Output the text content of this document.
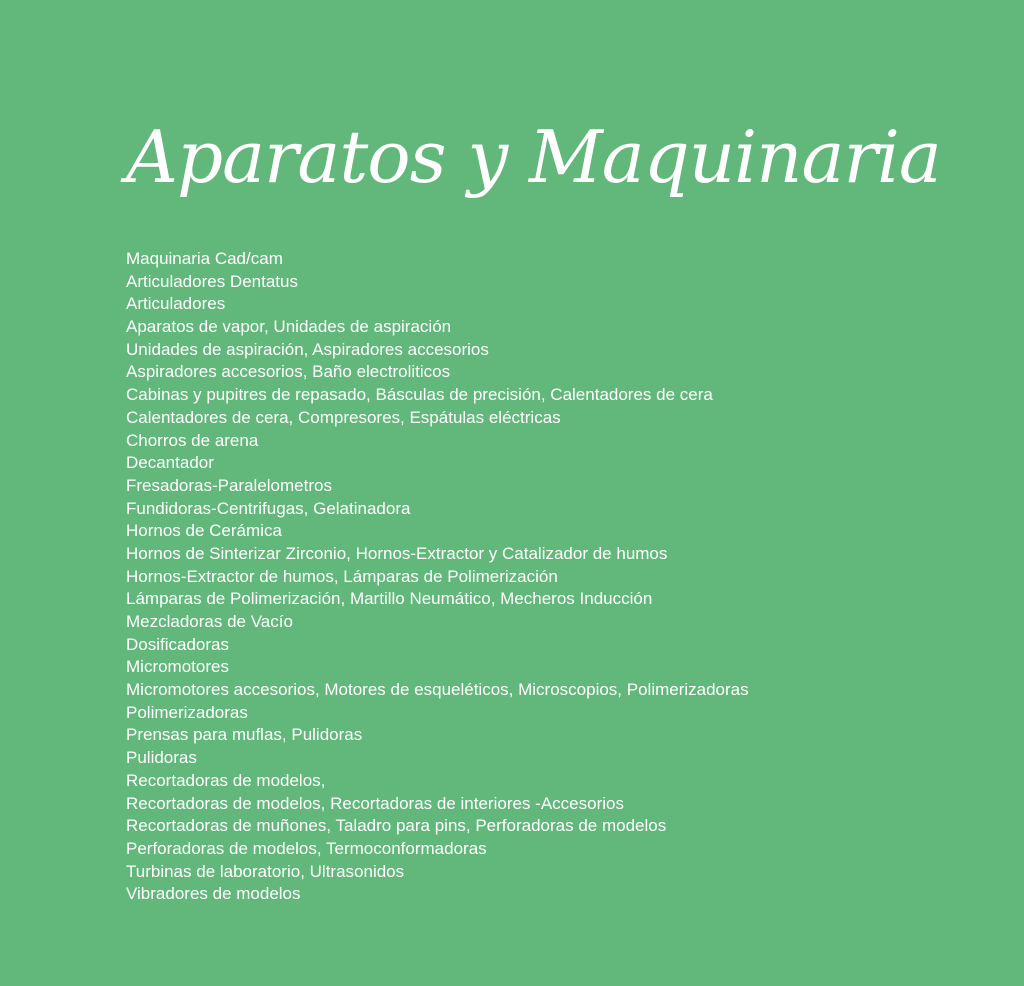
Aparatos y Maquinaria
Maquinaria Cad/cam
Articuladores Dentatus
Articuladores
Aparatos de vapor, Unidades de aspiración
Unidades de aspiración, Aspiradores accesorios
Aspiradores accesorios, Baño electroliticos
Cabinas y pupitres de repasado, Básculas de precisión, Calentadores de cera
Calentadores de cera, Compresores, Espátulas eléctricas
Chorros de arena
Decantador
Fresadoras-Paralelometros
Fundidoras-Centrifugas, Gelatinadora
Hornos de Cerámica
Hornos de Sinterizar Zirconio, Hornos-Extractor y Catalizador de humos
Hornos-Extractor de humos, Lámparas de Polimerización
Lámparas de Polimerización, Martillo Neumático, Mecheros Inducción
Mezcladoras de Vacío
Dosificadoras
Micromotores
Micromotores accesorios, Motores de esqueléticos, Microscopios, Polimerizadoras
Polimerizadoras
Prensas para muflas, Pulidoras
Pulidoras
Recortadoras de modelos,
Recortadoras de modelos, Recortadoras de interiores -Accesorios
Recortadoras de muñones, Taladro para pins, Perforadoras de modelos
Perforadoras de modelos, Termoconformadoras
Turbinas de laboratorio, Ultrasonidos
Vibradores de modelos
